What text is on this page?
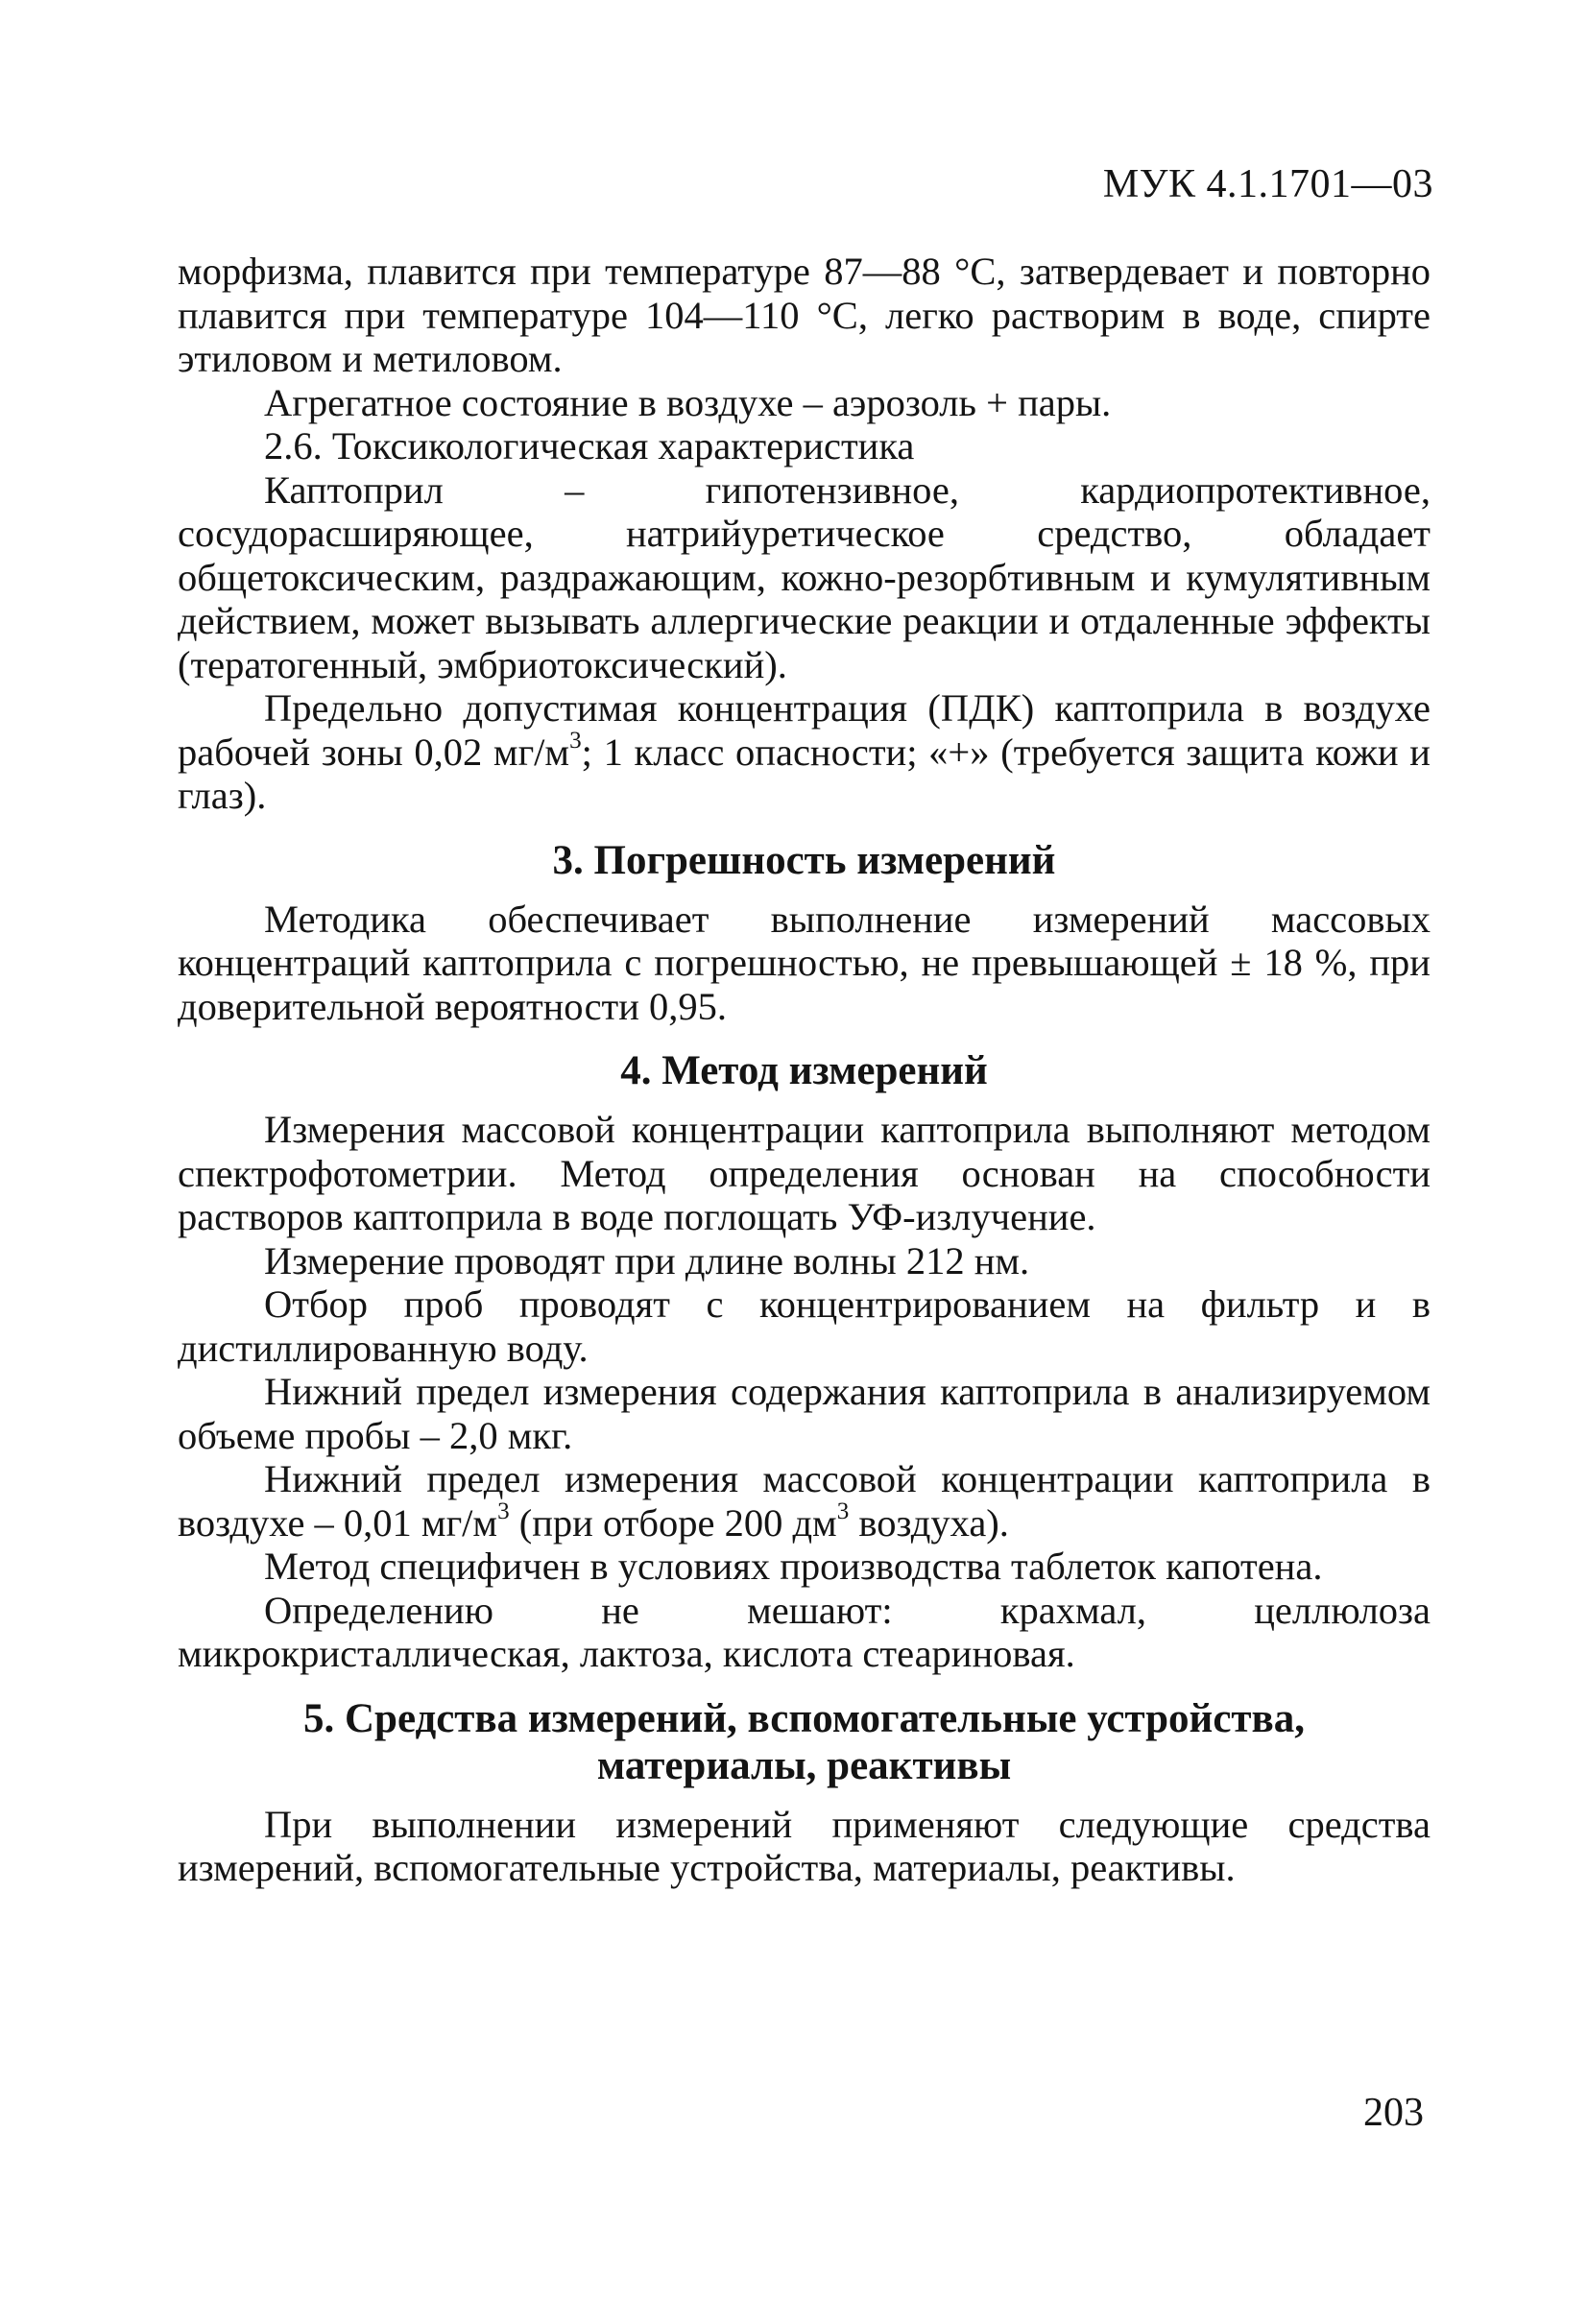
МУК 4.1.1701—03

морфизма, плавится при температуре 87—88 °С, затвердевает и повторно плавится при температуре 104—110 °С, легко растворим в воде, спирте этиловом и метиловом.

Агрегатное состояние в воздухе – аэрозоль + пары.

2.6. Токсикологическая характеристика

Каптоприл – гипотензивное, кардиопротективное, сосудорасширяющее, натрийуретическое средство, обладает общетоксическим, раздражающим, кожно-резорбтивным и кумулятивным действием, может вызывать аллергические реакции и отдаленные эффекты (тератогенный, эмбриотоксический).

Предельно допустимая концентрация (ПДК) каптоприла в воздухе рабочей зоны 0,02 $мг/м^3$; 1 класс опасности; «+» (требуется защита кожи и глаз).

3. Погрешность измерений

Методика обеспечивает выполнение измерений массовых концентраций каптоприла с погрешностью, не превышающей ± 18 %, при доверительной вероятности 0,95.

4. Метод измерений

Измерения массовой концентрации каптоприла выполняют методом спектрофотометрии. Метод определения основан на способности растворов каптоприла в воде поглощать УФ-излучение.

Измерение проводят при длине волны 212 нм.

Отбор проб проводят с концентрированием на фильтр и в дистиллированную воду.

Нижний предел измерения содержания каптоприла в анализируемом объеме пробы – 2,0 мкг.

Нижний предел измерения массовой концентрации каптоприла в воздухе – 0,01 $мг/м^3$ (при отборе 200 $дм^3$ воздуха).

Метод специфичен в условиях производства таблеток капотена.

Определению не мешают: крахмал, целлюлоза микрокристаллическая, лактоза, кислота стеариновая.

5. Средства измерений, вспомогательные устройства,
материалы, реактивы

При выполнении измерений применяют следующие средства измерений, вспомогательные устройства, материалы, реактивы.

203
